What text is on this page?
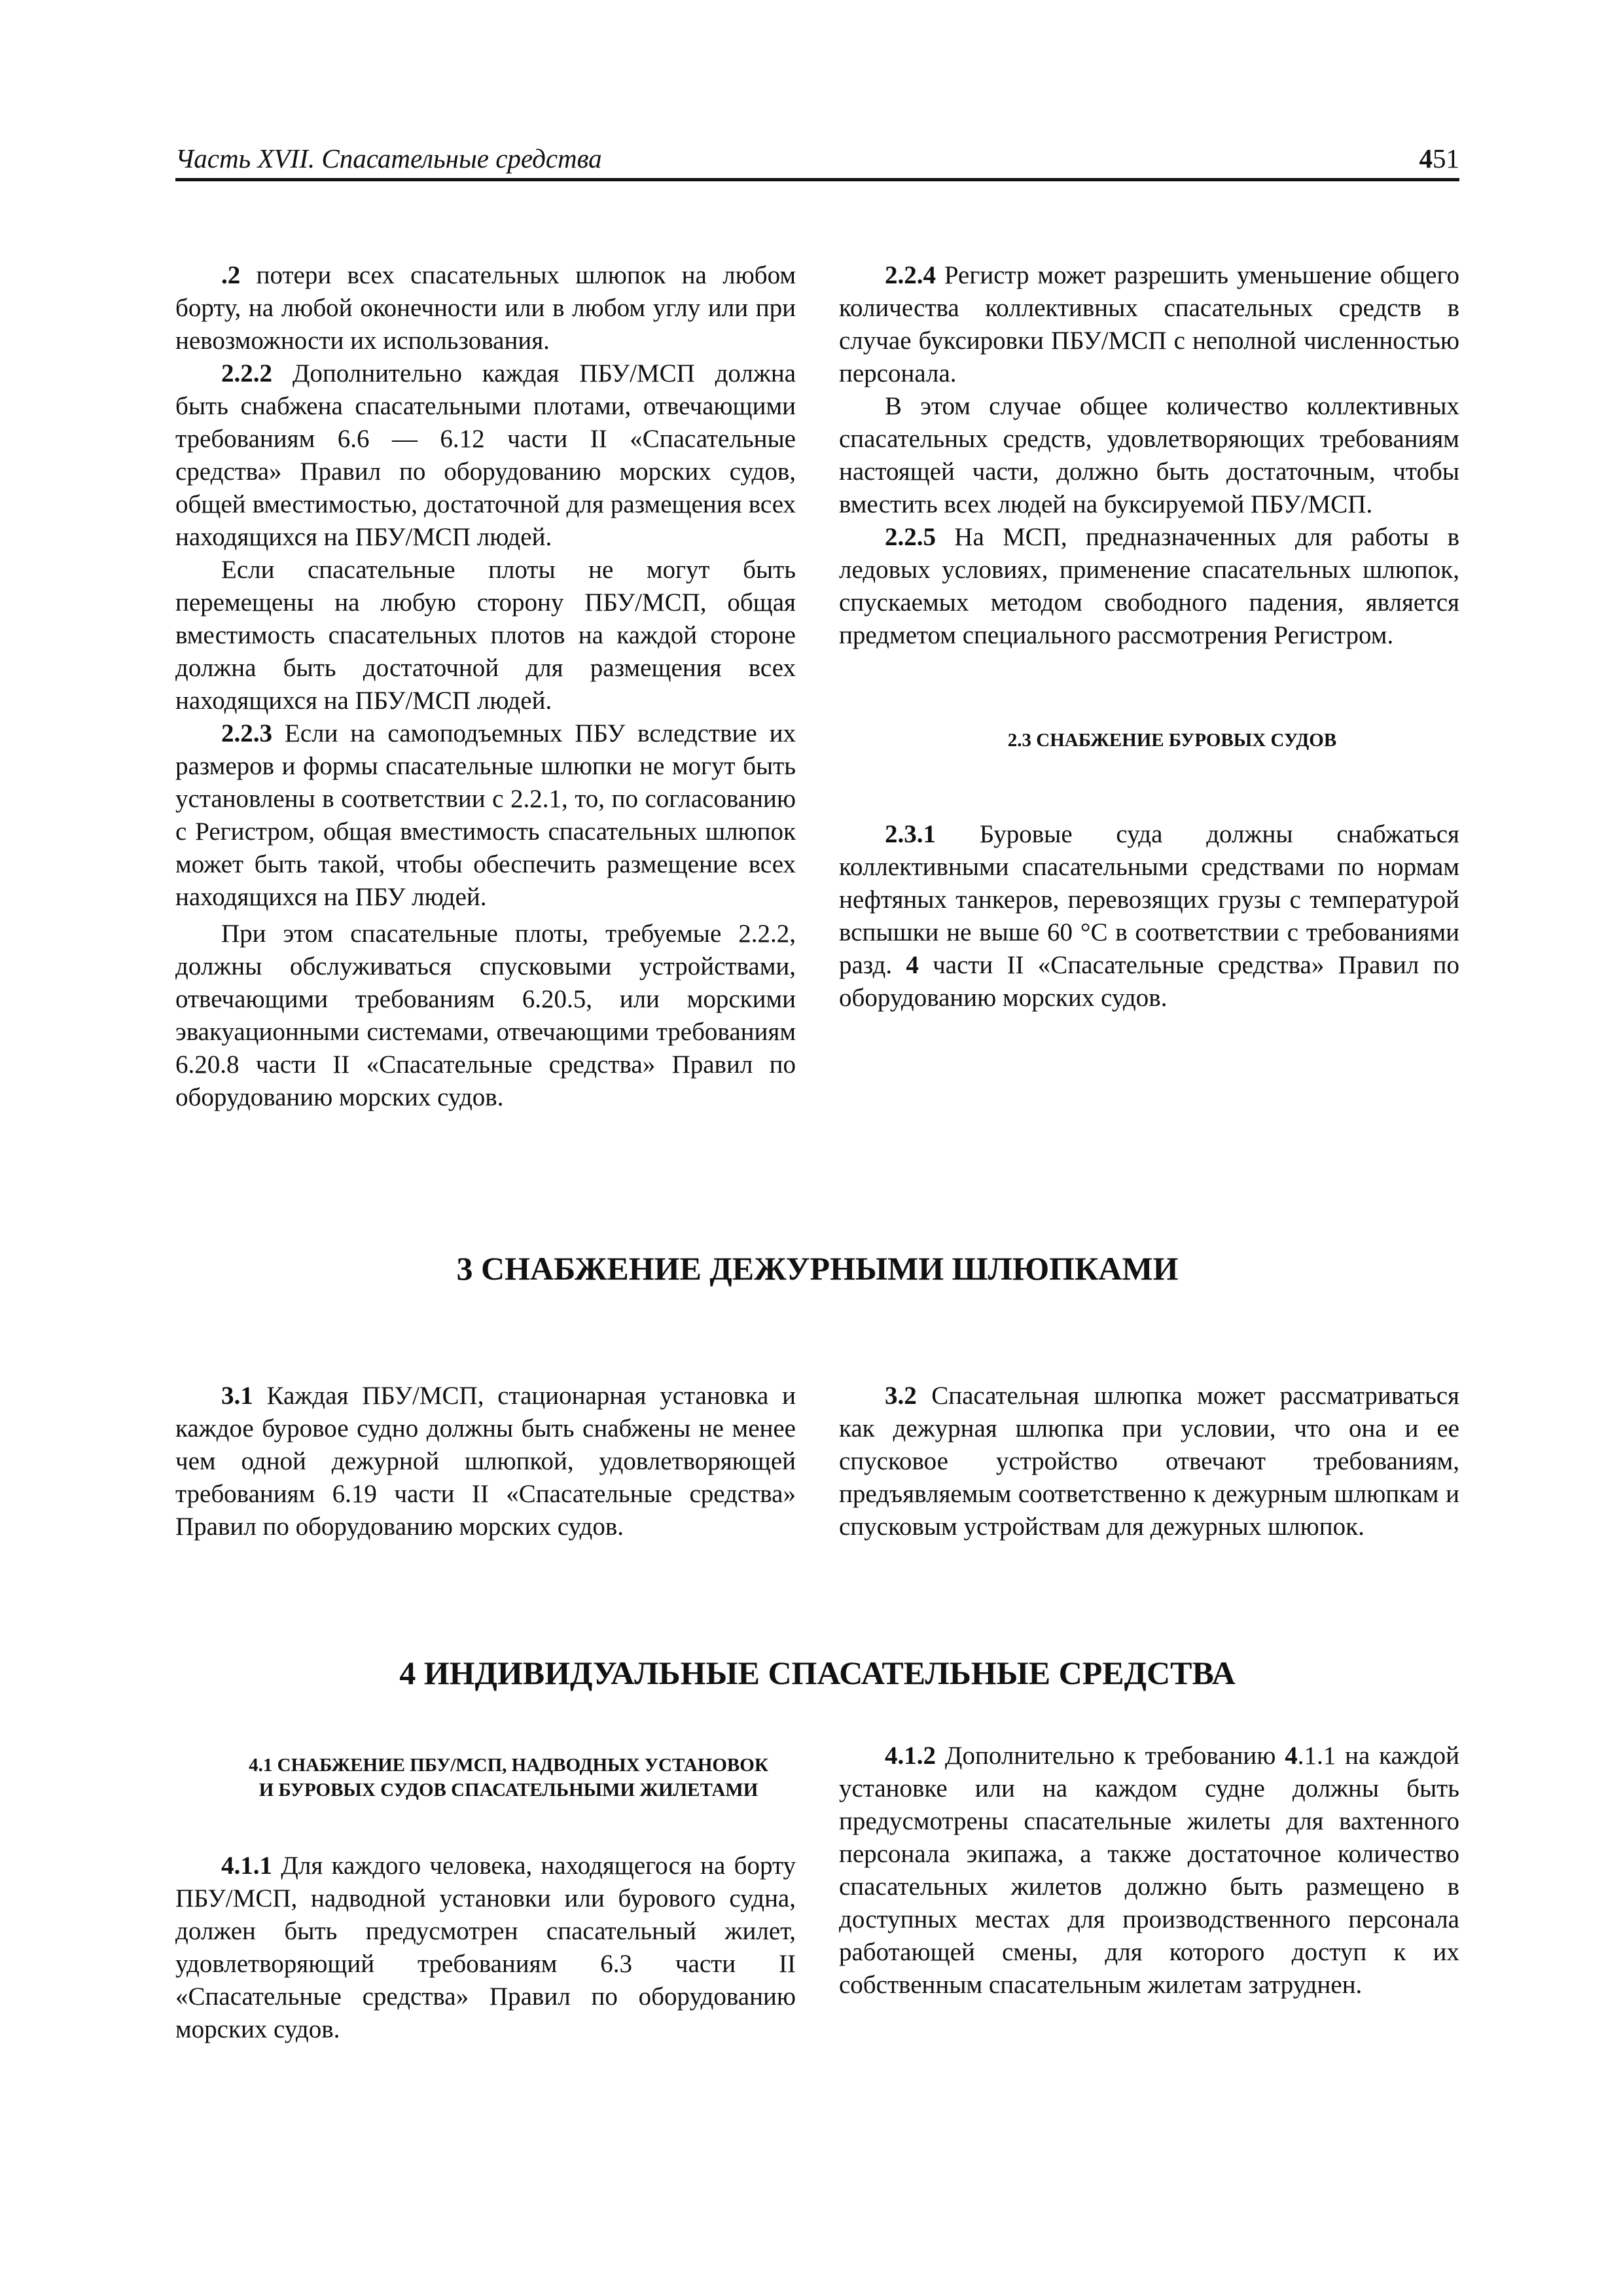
Часть XVII. Спасательные средства	451

.2 потери всех спасательных шлюпок на любом борту, на любой оконечности или в любом углу или при невозможности их использования.

2.2.2 Дополнительно каждая ПБУ/МСП должна быть снабжена спасательными плотами, отвечающими требованиям 6.6 — 6.12 части II «Спасательные средства» Правил по оборудованию морских судов, общей вместимостью, достаточной для размещения всех находящихся на ПБУ/МСП людей.

Если спасательные плоты не могут быть перемещены на любую сторону ПБУ/МСП, общая вместимость спасательных плотов на каждой стороне должна быть достаточной для размещения всех находящихся на ПБУ/МСП людей.

2.2.3 Если на самоподъемных ПБУ вследствие их размеров и формы спасательные шлюпки не могут быть установлены в соответствии с 2.2.1, то, по согласованию с Регистром, общая вместимость спасательных шлюпок может быть такой, чтобы обеспечить размещение всех находящихся на ПБУ людей.

При этом спасательные плоты, требуемые 2.2.2, должны обслуживаться спусковыми устройствами, отвечающими требованиям 6.20.5, или морскими эвакуационными системами, отвечающими требованиям 6.20.8 части II «Спасательные средства» Правил по оборудованию морских судов.

2.2.4 Регистр может разрешить уменьшение общего количества коллективных спасательных средств в случае буксировки ПБУ/МСП с неполной численностью персонала.

В этом случае общее количество коллективных спасательных средств, удовлетворяющих требованиям настоящей части, должно быть достаточным, чтобы вместить всех людей на буксируемой ПБУ/МСП.

2.2.5 На МСП, предназначенных для работы в ледовых условиях, применение спасательных шлюпок, спускаемых методом свободного падения, является предметом специального рассмотрения Регистром.

2.3 СНАБЖЕНИЕ БУРОВЫХ СУДОВ

2.3.1 Буровые суда должны снабжаться коллективными спасательными средствами по нормам нефтяных танкеров, перевозящих грузы с температурой вспышки не выше 60 °С в соответствии с требованиями разд. 4 части II «Спасательные средства» Правил по оборудованию морских судов.

3 СНАБЖЕНИЕ ДЕЖУРНЫМИ ШЛЮПКАМИ

3.1 Каждая ПБУ/МСП, стационарная установка и каждое буровое судно должны быть снабжены не менее чем одной дежурной шлюпкой, удовлетворяющей требованиям 6.19 части II «Спасательные средства» Правил по оборудованию морских судов.

3.2 Спасательная шлюпка может рассматриваться как дежурная шлюпка при условии, что она и ее спусковое устройство отвечают требованиям, предъявляемым соответственно к дежурным шлюпкам и спусковым устройствам для дежурных шлюпок.

4 ИНДИВИДУАЛЬНЫЕ СПАСАТЕЛЬНЫЕ СРЕДСТВА

4.1 СНАБЖЕНИЕ ПБУ/МСП, НАДВОДНЫХ УСТАНОВОК

И БУРОВЫХ СУДОВ СПАСАТЕЛЬНЫМИ ЖИЛЕТАМИ

4.1.1 Для каждого человека, находящегося на борту ПБУ/МСП, надводной установки или бурового судна, должен быть предусмотрен спасательный жилет, удовлетворяющий требованиям 6.3 части II «Спасательные средства» Правил по оборудованию морских судов.

4.1.2 Дополнительно к требованию 4.1.1 на каждой установке или на каждом судне должны быть предусмотрены спасательные жилеты для вахтенного персонала экипажа, а также достаточное количество спасательных жилетов должно быть размещено в доступных местах для производственного персонала работающей смены, для которого доступ к их собственным спасательным жилетам затруднен.
